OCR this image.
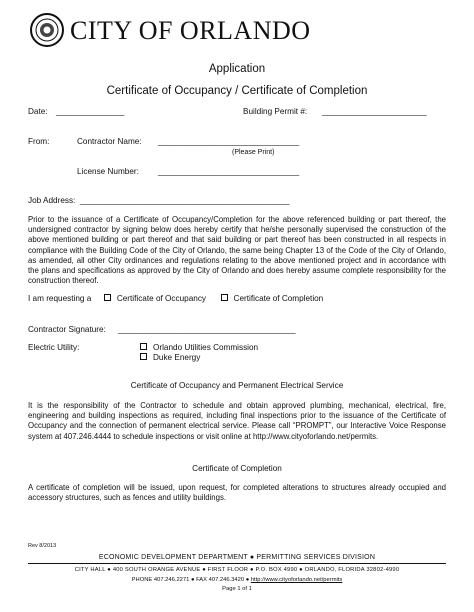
CITY OF ORLANDO
Application
Certificate of Occupancy / Certificate of Completion
Date: _______________	Building Permit #: _______________________
From:	Contractor Name: _______________________________
(Please Print)
License Number: _______________________________
Job Address: ______________________________________________
Prior to the issuance of a Certificate of Occupancy/Completion for the above referenced building or part thereof, the undersigned contractor by signing below does hereby certify that he/she personally supervised the construction of the above mentioned building or part thereof and that said building or part thereof has been constructed in all respects in compliance with the Building Code of the City of Orlando, the same being Chapter 13 of the Code of the City of Orlando, as amended, all other City ordinances and regulations relating to the above mentioned project and in accordance with the plans and specifications as approved by the City of Orlando and does hereby assume complete responsibility for the construction thereof.
I am requesting a	Certificate of Occupancy	Certificate of Completion
Contractor Signature: _______________________________________
Electric Utility:	Orlando Utilities Commission
Duke Energy
Certificate of Occupancy and Permanent Electrical Service
It is the responsibility of the Contractor to schedule and obtain approved plumbing, mechanical, electrical, fire, engineering and building inspections as required, including final inspections prior to the issuance of the Certificate of Occupancy and the connection of permanent electrical service. Please call “PROMPT”, our Interactive Voice Response system at 407.246.4444 to schedule inspections or visit online at http://www.cityoforlando.net/permits.
Certificate of Completion
A certificate of completion will be issued, upon request, for completed alterations to structures already occupied and accessory structures, such as fences and utility buildings.
Rev 8/2013
ECONOMIC DEVELOPMENT DEPARTMENT ● PERMITTING SERVICES DIVISION
CITY HALL ● 400 SOUTH ORANGE AVENUE ● FIRST FLOOR ● P.O. BOX 4990 ● ORLANDO, FLORIDA 32802-4990
PHONE 407.246.2271 ● FAX 407.246.3420 ● http://www.cityoforlando.net/permits
Page 1 of 1
